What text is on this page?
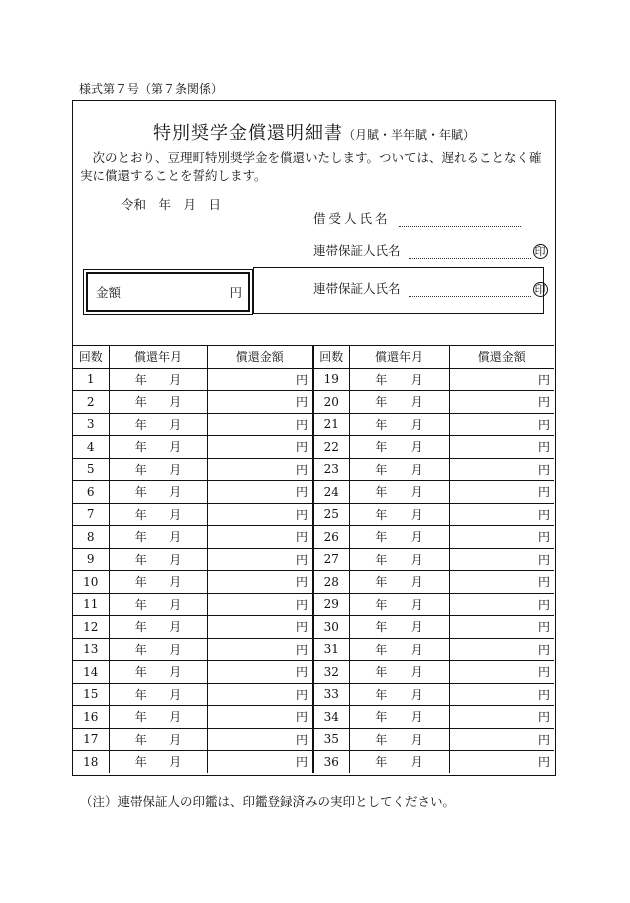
様式第７号（第７条関係）
特別奨学金償還明細書（月賦・半年賦・年賦）
次のとおり、豆理町特別奨学金を償還いたします。ついては、遅れることなく確実に償還することを誓約します。
令和　年　月　日
借受人氏名
連帯保証人氏名	印
連帯保証人氏名	印
金額	円
回数	償還年月	償還金額	回数	償還年月	償還金額
1	年 月	円	19	年 月	円
2	年 月	円	20	年 月	円
3	年 月	円	21	年 月	円
4	年 月	円	22	年 月	円
5	年 月	円	23	年 月	円
6	年 月	円	24	年 月	円
7	年 月	円	25	年 月	円
8	年 月	円	26	年 月	円
9	年 月	円	27	年 月	円
10	年 月	円	28	年 月	円
11	年 月	円	29	年 月	円
12	年 月	円	30	年 月	円
13	年 月	円	31	年 月	円
14	年 月	円	32	年 月	円
15	年 月	円	33	年 月	円
16	年 月	円	34	年 月	円
17	年 月	円	35	年 月	円
18	年 月	円	36	年 月	円
（注）連帯保証人の印鑑は、印鑑登録済みの実印としてください。
